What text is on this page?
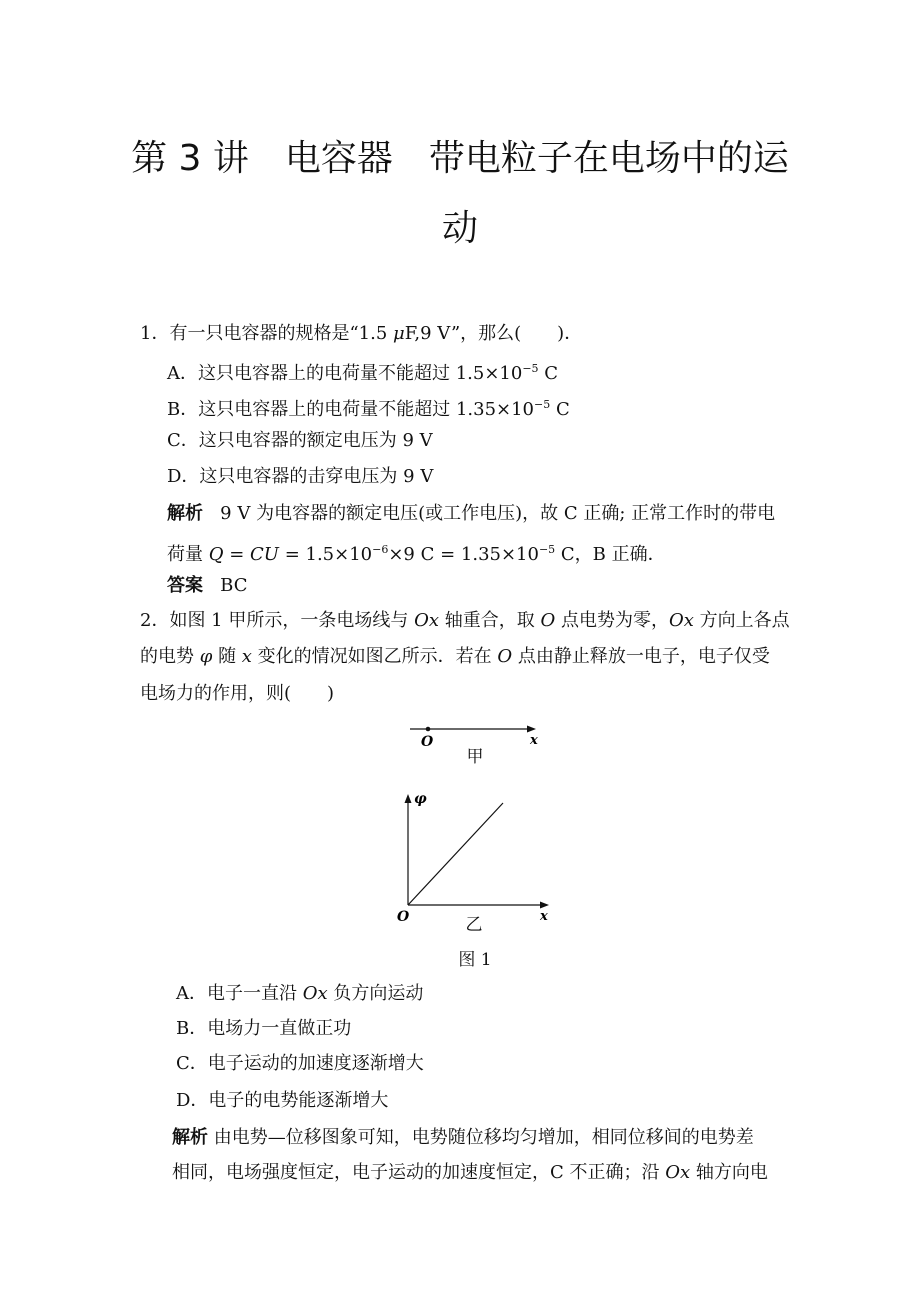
第 3 讲　电容器　带电粒子在电场中的运
动
1．有一只电容器的规格是“1.5 μF,9 V”，那么(　　)．
A．这只电容器上的电荷量不能超过 $1.5\times 10^{-5}$ C
B．这只电容器上的电荷量不能超过 $1.35\times 10^{-5}$ C
C．这只电容器的额定电压为 9 V
D．这只电容器的击穿电压为 9 V
解析 9 V 为电容器的额定电压(或工作电压)，故 C 正确; 正常工作时的带电
荷量 Q = CU = $1.5\times 10^{-6}\times 9$ $C = 1.35\times 10^{-5}$ C，B 正确．
答案 BC
2．如图 1 甲所示，一条电场线与 Ox 轴重合，取 O 点电势为零，Ox 方向上各点
的电势 φ 随 x 变化的情况如图乙所示．若在 O 点由静止释放一电子，电子仅受
电场力的作用，则(　　)
O	x
φ
O	x
甲
乙
图 1
A．电子一直沿 Ox 负方向运动
B．电场力一直做正功
C．电子运动的加速度逐渐增大
D．电子的电势能逐渐增大
解析 由电势—位移图象可知，电势随位移均匀增加，相同位移间的电势差
相同，电场强度恒定，电子运动的加速度恒定，C 不正确；沿 Ox 轴方向电
